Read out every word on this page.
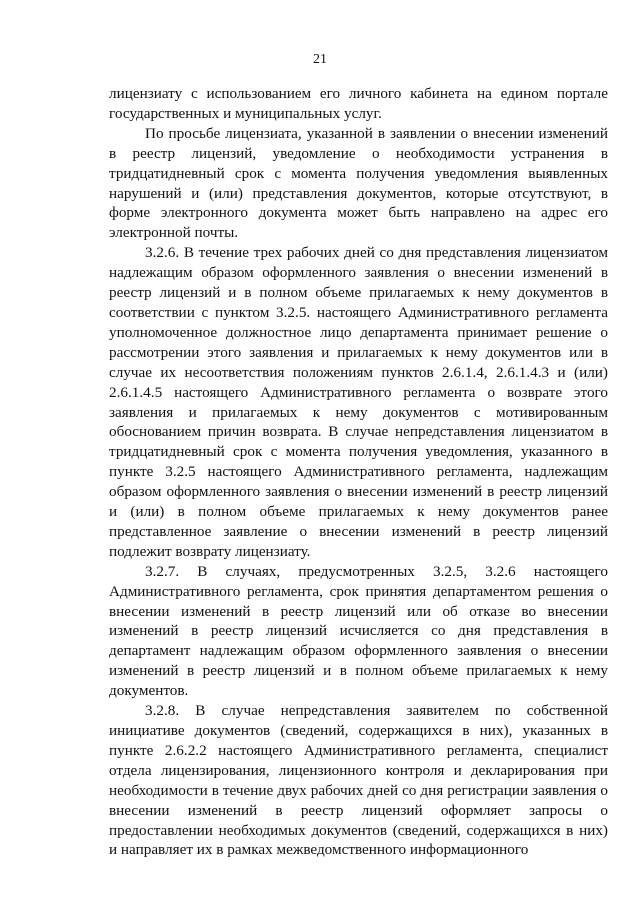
21

лицензиату с использованием его личного кабинета на едином портале государственных и муниципальных услуг.

По просьбе лицензиата, указанной в заявлении о внесении изменений в реестр лицензий, уведомление о необходимости устранения в тридцатидневный срок с момента получения уведомления выявленных нарушений и (или) представления документов, которые отсутствуют, в форме электронного документа может быть направлено на адрес его электронной почты.

3.2.6. В течение трех рабочих дней со дня представления лицензиатом надлежащим образом оформленного заявления о внесении изменений в реестр лицензий и в полном объеме прилагаемых к нему документов в соответствии с пунктом 3.2.5. настоящего Административного регламента уполномоченное должностное лицо департамента принимает решение о рассмотрении этого заявления и прилагаемых к нему документов или в случае их несоответствия положениям пунктов 2.6.1.4, 2.6.1.4.3 и (или) 2.6.1.4.5 настоящего Административного регламента о возврате этого заявления и прилагаемых к нему документов с мотивированным обоснованием причин возврата. В случае непредставления лицензиатом в тридцатидневный срок с момента получения уведомления, указанного в пункте 3.2.5 настоящего Административного регламента, надлежащим образом оформленного заявления о внесении изменений в реестр лицензий и (или) в полном объеме прилагаемых к нему документов ранее представленное заявление о внесении изменений в реестр лицензий подлежит возврату лицензиату.

3.2.7. В случаях, предусмотренных 3.2.5, 3.2.6 настоящего Административного регламента, срок принятия департаментом решения о внесении изменений в реестр лицензий или об отказе во внесении изменений в реестр лицензий исчисляется со дня представления в департамент надлежащим образом оформленного заявления о внесении изменений в реестр лицензий и в полном объеме прилагаемых к нему документов.

3.2.8. В случае непредставления заявителем по собственной инициативе документов (сведений, содержащихся в них), указанных в пункте 2.6.2.2 настоящего Административного регламента, специалист отдела лицензирования, лицензионного контроля и декларирования при необходимости в течение двух рабочих дней со дня регистрации заявления о внесении изменений в реестр лицензий оформляет запросы о предоставлении необходимых документов (сведений, содержащихся в них) и направляет их в рамках межведомственного информационного
